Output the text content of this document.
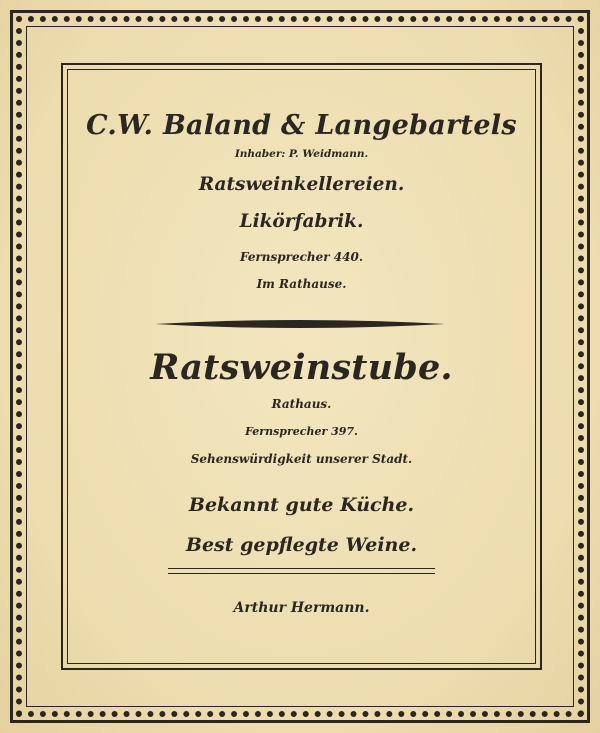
C.W. Baland & Langebartels
Inhaber: P. Weidmann.
Ratsweinkellereien.
Likörfabrik.
Fernsprecher 440.
Im Rathause.
Ratsweinstube.
Rathaus.
Fernsprecher 397.
Sehenswürdigkeit unserer Stadt.
Bekannt gute Küche.
Best gepflegte Weine.
Arthur Hermann.
